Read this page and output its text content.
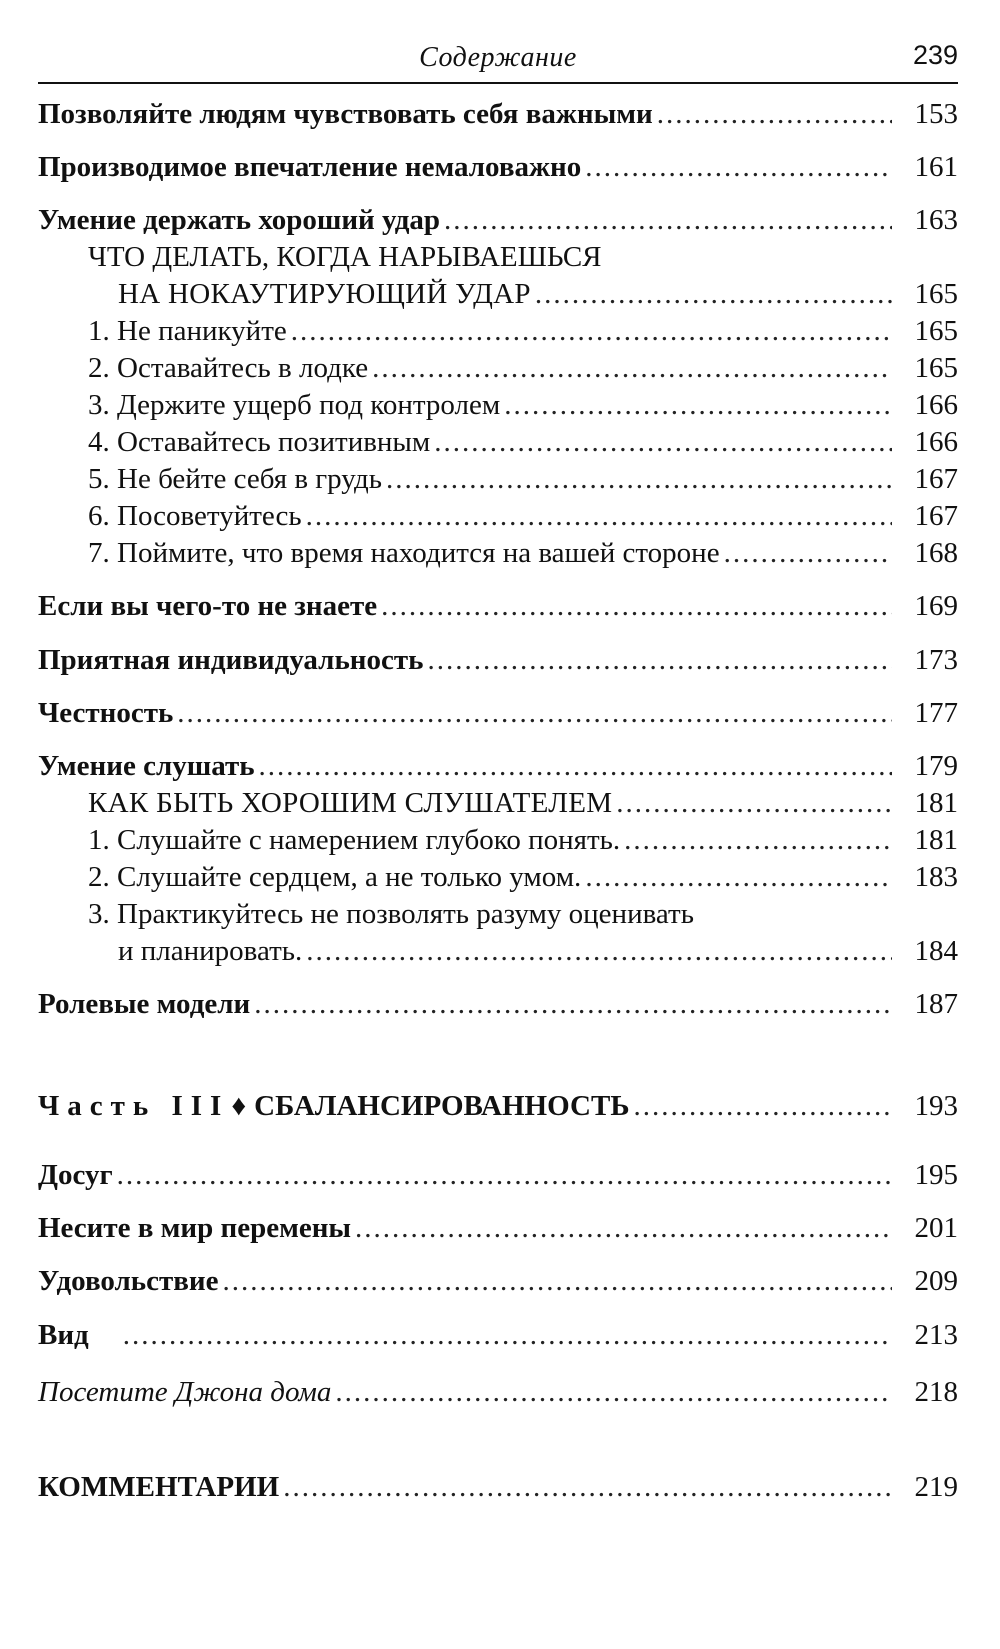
Содержание	239
Позволяйте людям чувствовать себя важными .....	153
Производимое впечатление немаловажно .....	161
Умение держать хороший удар .....	163
ЧТО ДЕЛАТЬ, КОГДА НАРЫВАЕШЬСЯ
НА НОКАУТИРУЮЩИЙ УДАР .....	165
1. Не паникуйте .....	165
2. Оставайтесь в лодке .....	165
3. Держите ущерб под контролем .....	166
4. Оставайтесь позитивным .....	166
5. Не бейте себя в грудь .....	167
6. Посоветуйтесь .....	167
7. Поймите, что время находится на вашей стороне .....	168
Если вы чего-то не знаете .....	169
Приятная индивидуальность .....	173
Честность .....	177
Умение слушать .....	179
КАК БЫТЬ ХОРОШИМ СЛУШАТЕЛЕМ .....	181
1. Слушайте с намерением глубоко понять. .....	181
2. Слушайте сердцем, а не только умом. .....	183
3. Практикуйтесь не позволять разуму оценивать
и планировать. .....	184
Ролевые модели .....	187
Часть III♦ СБАЛАНСИРОВАННОСТЬ .....	193
Досуг .....	195
Несите в мир перемены .....	201
Удовольствие .....	209
Вид .....	213
Посетите Джона дома .....	218
КОММЕНТАРИИ .....	219
